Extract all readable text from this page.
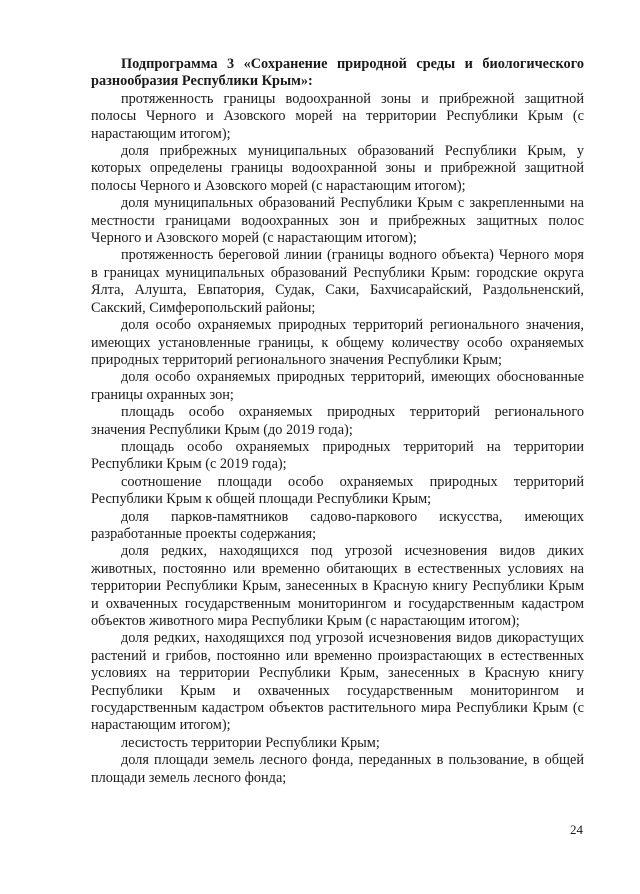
Подпрограмма 3 «Сохранение природной среды и биологического разнообразия Республики Крым»:

протяженность границы водоохранной зоны и прибрежной защитной полосы Черного и Азовского морей на территории Республики Крым (с нарастающим итогом);

доля прибрежных муниципальных образований Республики Крым, у которых определены границы водоохранной зоны и прибрежной защитной полосы Черного и Азовского морей (с нарастающим итогом);

доля муниципальных образований Республики Крым с закрепленными на местности границами водоохранных зон и прибрежных защитных полос Черного и Азовского морей (с нарастающим итогом);

протяженность береговой линии (границы водного объекта) Черного моря в границах муниципальных образований Республики Крым: городские округа Ялта, Алушта, Евпатория, Судак, Саки, Бахчисарайский, Раздольненский, Сакский, Симферопольский районы;

доля особо охраняемых природных территорий регионального значения, имеющих установленные границы, к общему количеству особо охраняемых природных территорий регионального значения Республики Крым;

доля особо охраняемых природных территорий, имеющих обоснованные границы охранных зон;

площадь особо охраняемых природных территорий регионального значения Республики Крым (до 2019 года);

площадь особо охраняемых природных территорий на территории Республики Крым (с 2019 года);

соотношение площади особо охраняемых природных территорий Республики Крым к общей площади Республики Крым;

доля парков-памятников садово-паркового искусства, имеющих разработанные проекты содержания;

доля редких, находящихся под угрозой исчезновения видов диких животных, постоянно или временно обитающих в естественных условиях на территории Республики Крым, занесенных в Красную книгу Республики Крым и охваченных государственным мониторингом и государственным кадастром объектов животного мира Республики Крым (с нарастающим итогом);

доля редких, находящихся под угрозой исчезновения видов дикорастущих растений и грибов, постоянно или временно произрастающих в естественных условиях на территории Республики Крым, занесенных в Красную книгу Республики Крым и охваченных государственным мониторингом и государственным кадастром объектов растительного мира Республики Крым (с нарастающим итогом);

лесистость территории Республики Крым;

доля площади земель лесного фонда, переданных в пользование, в общей площади земель лесного фонда;

24
